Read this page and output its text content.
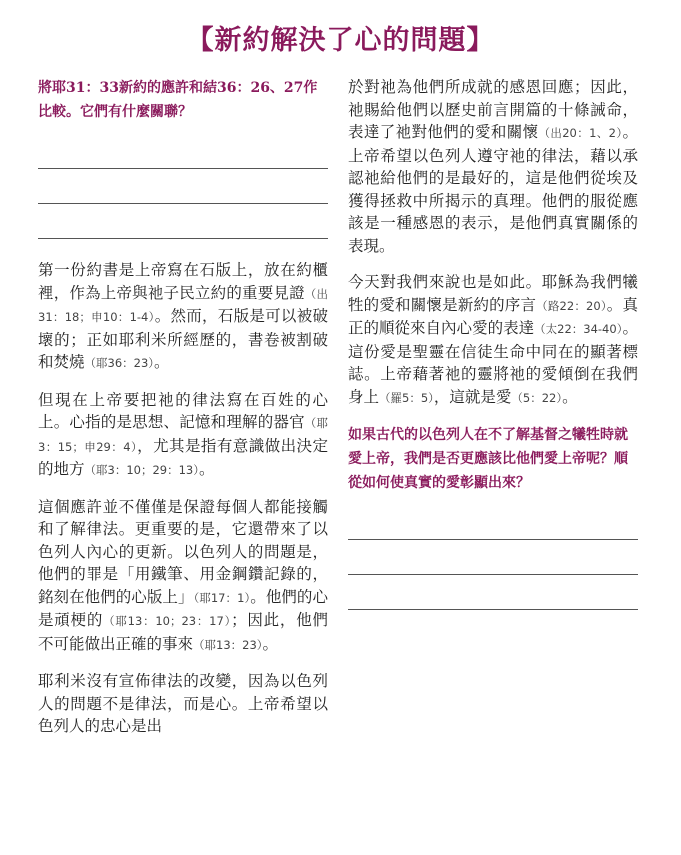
【新約解決了心的問題】

將耶31：33新約的應許和結36：26、27作比較。它們有什麼關聯？

第一份約書是上帝寫在石版上，放在約櫃裡，作為上帝與祂子民立約的重要見證（出31：18；申10：1-4）。然而，石版是可以被破壞的；正如耶利米所經歷的，書卷被割破和焚燒（耶36：23）。

但現在上帝要把祂的律法寫在百姓的心上。心指的是思想、記憶和理解的器官（耶3：15；申29：4），尤其是指有意識做出決定的地方（耶3：10；29：13）。

這個應許並不僅僅是保證每個人都能接觸和了解律法。更重要的是，它還帶來了以色列人內心的更新。以色列人的問題是，他們的罪是「用鐵筆、用金鋼鑽記錄的，銘刻在他們的心版上」（耶17：1）。他們的心是頑梗的（耶13：10；23：17）；因此，他們不可能做出正確的事來（耶13：23）。

耶利米沒有宣佈律法的改變，因為以色列人的問題不是律法，而是心。上帝希望以色列人的忠心是出

於對祂為他們所成就的感恩回應；因此，祂賜給他們以歷史前言開篇的十條誡命，表達了祂對他們的愛和關懷（出20：1、2）。上帝希望以色列人遵守祂的律法，藉以承認祂給他們的是最好的，這是他們從埃及獲得拯救中所揭示的真理。他們的服從應該是一種感恩的表示，是他們真實關係的表現。

今天對我們來說也是如此。耶穌為我們犧牲的愛和關懷是新約的序言（路22：20）。真正的順從來自內心愛的表達（太22：34-40）。這份愛是聖靈在信徒生命中同在的顯著標誌。上帝藉著祂的靈將祂的愛傾倒在我們身上（羅5：5），這就是愛（5：22）。

如果古代的以色列人在不了解基督之犧牲時就愛上帝，我們是否更應該比他們愛上帝呢？順從如何使真實的愛彰顯出來？
